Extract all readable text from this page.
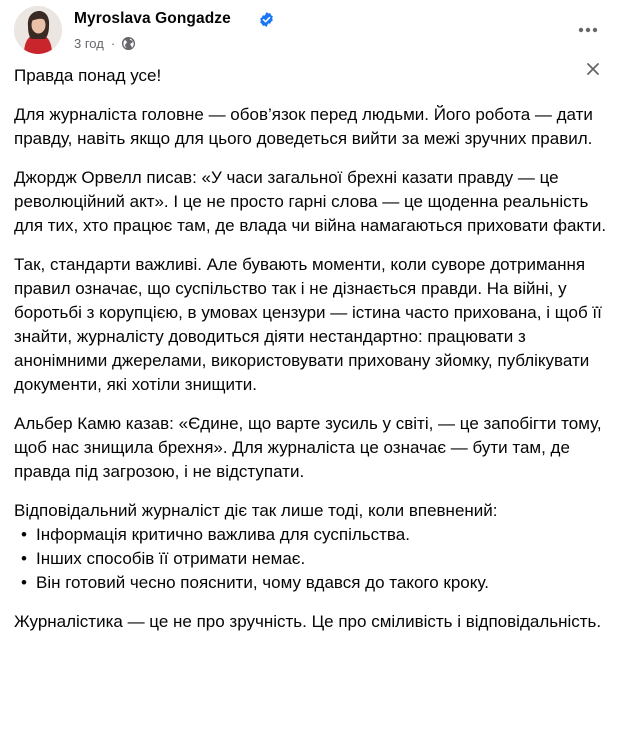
Myroslava Gongadze
3 год ·

Правда понад усе!

Для журналіста головне — обов’язок перед людьми. Його робота — дати правду, навіть якщо для цього доведеться вийти за межі зручних правил.

Джордж Орвелл писав: «У часи загальної брехні казати правду — це революційний акт». І це не просто гарні слова — це щоденна реальність для тих, хто працює там, де влада чи війна намагаються приховати факти.

Так, стандарти важливі. Але бувають моменти, коли суворе дотримання правил означає, що суспільство так і не дізнається правди. На війні, у боротьбі з корупцією, в умовах цензури — істина часто прихована, і щоб її знайти, журналісту доводиться діяти нестандартно: працювати з анонімними джерелами, використовувати приховану зйомку, публікувати документи, які хотіли знищити.

Альбер Камю казав: «Єдине, що варте зусиль у світі, — це запобігти тому, щоб нас знищила брехня». Для журналіста це означає — бути там, де правда під загрозою, і не відступати.

Відповідальний журналіст діє так лише тоді, коли впевнений:

• Інформація критично важлива для суспільства.
• Інших способів її отримати немає.
• Він готовий чесно пояснити, чому вдався до такого кроку.

Журналістика — це не про зручність. Це про сміливість і відповідальність.
